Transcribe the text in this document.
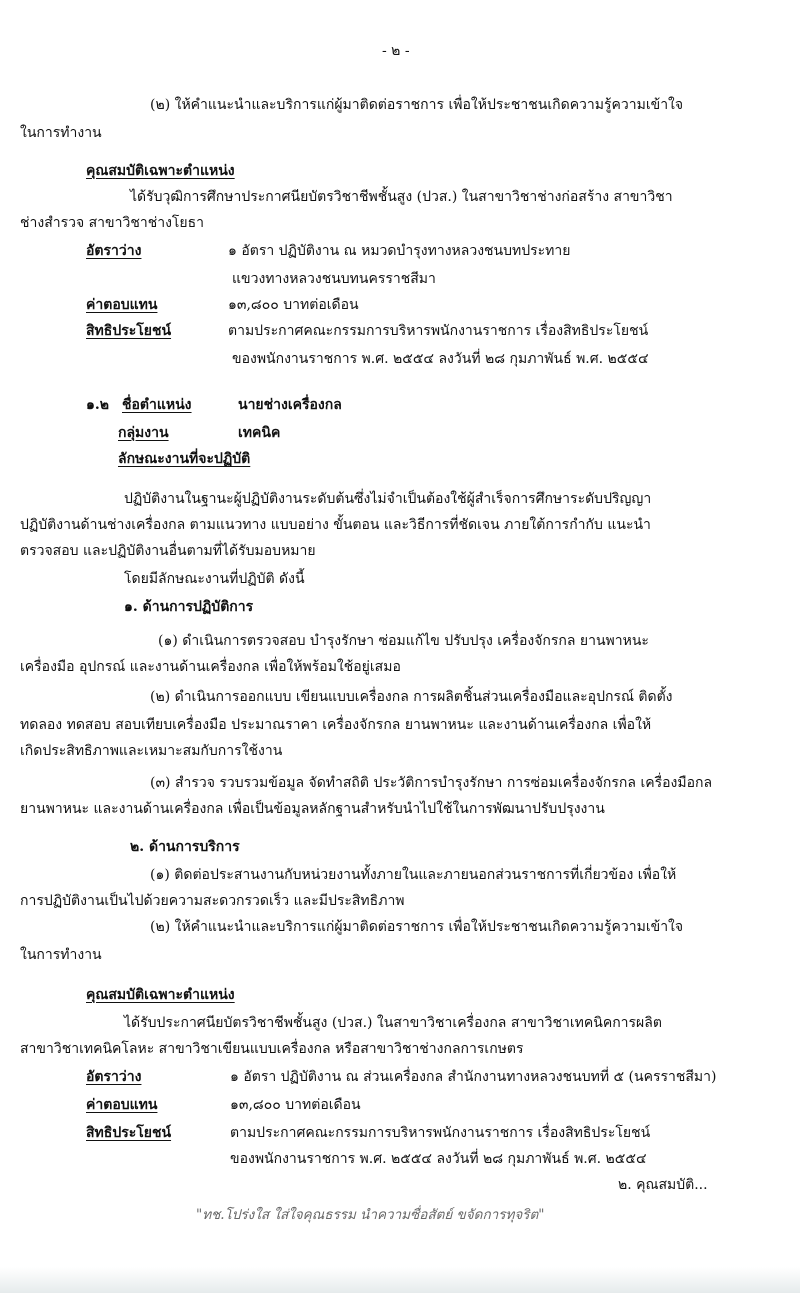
- ๒ -
(๒) ให้คำแนะนำและบริการแก่ผู้มาติดต่อราชการ เพื่อให้ประชาชนเกิดความรู้ความเข้าใจ
ในการทำงาน
คุณสมบัติเฉพาะตำแหน่ง
ได้รับวุฒิการศึกษาประกาศนียบัตรวิชาชีพชั้นสูง (ปวส.) ในสาขาวิชาช่างก่อสร้าง สาขาวิชา
ช่างสำรวจ สาขาวิชาช่างโยธา
อัตราว่าง	๑ อัตรา ปฏิบัติงาน ณ หมวดบำรุงทางหลวงชนบทประทาย
แขวงทางหลวงชนบทนครราชสีมา
ค่าตอบแทน	๑๓,๘๐๐ บาทต่อเดือน
สิทธิประโยชน์	ตามประกาศคณะกรรมการบริหารพนักงานราชการ เรื่องสิทธิประโยชน์
ของพนักงานราชการ พ.ศ. ๒๕๕๔ ลงวันที่ ๒๘ กุมภาพันธ์ พ.ศ. ๒๕๕๔
๑.๒ ชื่อตำแหน่ง	นายช่างเครื่องกล
กลุ่มงาน	เทคนิค
ลักษณะงานที่จะปฏิบัติ
ปฏิบัติงานในฐานะผู้ปฏิบัติงานระดับต้นซึ่งไม่จำเป็นต้องใช้ผู้สำเร็จการศึกษาระดับปริญญา
ปฏิบัติงานด้านช่างเครื่องกล ตามแนวทาง แบบอย่าง ขั้นตอน และวิธีการที่ชัดเจน ภายใต้การกำกับ แนะนำ
ตรวจสอบ และปฏิบัติงานอื่นตามที่ได้รับมอบหมาย
โดยมีลักษณะงานที่ปฏิบัติ ดังนี้
๑. ด้านการปฏิบัติการ
(๑) ดำเนินการตรวจสอบ บำรุงรักษา ซ่อมแก้ไข ปรับปรุง เครื่องจักรกล ยานพาหนะ
เครื่องมือ อุปกรณ์ และงานด้านเครื่องกล เพื่อให้พร้อมใช้อยู่เสมอ
(๒) ดำเนินการออกแบบ เขียนแบบเครื่องกล การผลิตชิ้นส่วนเครื่องมือและอุปกรณ์ ติดตั้ง
ทดลอง ทดสอบ สอบเทียบเครื่องมือ ประมาณราคา เครื่องจักรกล ยานพาหนะ และงานด้านเครื่องกล เพื่อให้
เกิดประสิทธิภาพและเหมาะสมกับการใช้งาน
(๓) สำรวจ รวบรวมข้อมูล จัดทำสถิติ ประวัติการบำรุงรักษา การซ่อมเครื่องจักรกล เครื่องมือกล
ยานพาหนะ และงานด้านเครื่องกล เพื่อเป็นข้อมูลหลักฐานสำหรับนำไปใช้ในการพัฒนาปรับปรุงงาน
๒. ด้านการบริการ
(๑) ติดต่อประสานงานกับหน่วยงานทั้งภายในและภายนอกส่วนราชการที่เกี่ยวข้อง เพื่อให้
การปฏิบัติงานเป็นไปด้วยความสะดวกรวดเร็ว และมีประสิทธิภาพ
(๒) ให้คำแนะนำและบริการแก่ผู้มาติดต่อราชการ เพื่อให้ประชาชนเกิดความรู้ความเข้าใจ
ในการทำงาน
คุณสมบัติเฉพาะตำแหน่ง
ได้รับประกาศนียบัตรวิชาชีพชั้นสูง (ปวส.) ในสาขาวิชาเครื่องกล สาขาวิชาเทคนิคการผลิต
สาขาวิชาเทคนิคโลหะ สาขาวิชาเขียนแบบเครื่องกล หรือสาขาวิชาช่างกลการเกษตร
อัตราว่าง	๑ อัตรา ปฏิบัติงาน ณ ส่วนเครื่องกล สำนักงานทางหลวงชนบทที่ ๕ (นครราชสีมา)
ค่าตอบแทน	๑๓,๘๐๐ บาทต่อเดือน
สิทธิประโยชน์	ตามประกาศคณะกรรมการบริหารพนักงานราชการ เรื่องสิทธิประโยชน์
ของพนักงานราชการ พ.ศ. ๒๕๕๔ ลงวันที่ ๒๘ กุมภาพันธ์ พ.ศ. ๒๕๕๔
๒. คุณสมบัติ...
"ทช.โปร่งใส ใส่ใจคุณธรรม นำความซื่อสัตย์ ขจัดการทุจริต"
